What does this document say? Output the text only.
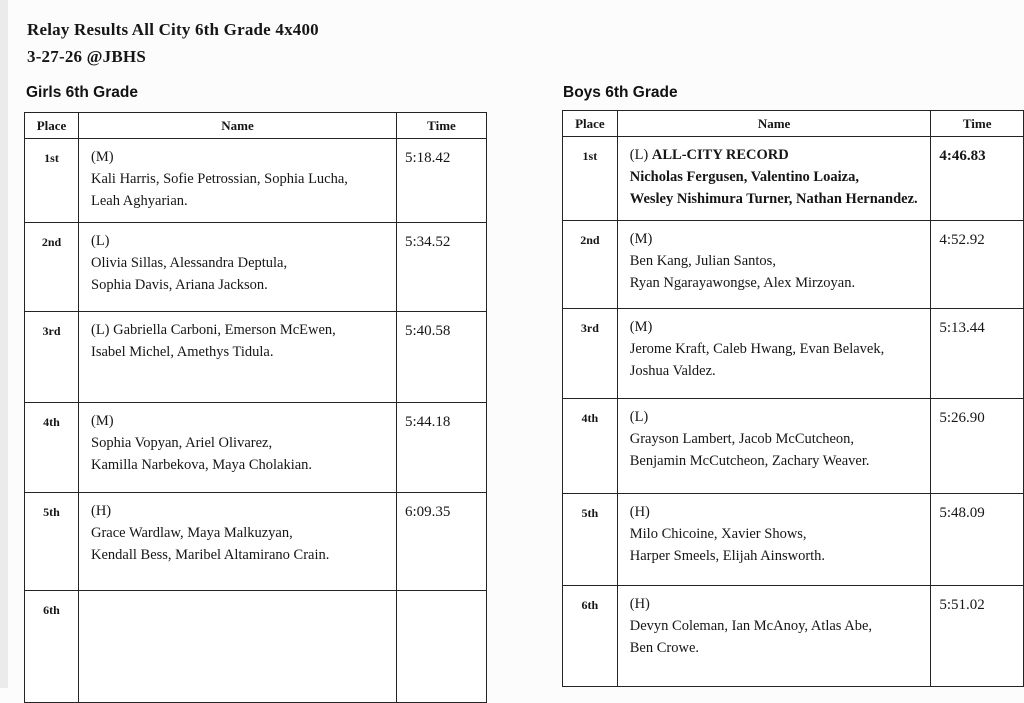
Relay Results All City 6th Grade 4x400
3-27-26 @JBHS
Girls 6th Grade
Place	Name	Time
1st	(M)
Kali Harris, Sofie Petrossian, Sophia Lucha,
Leah Aghyarian.	5:18.42
2nd	(L)
Olivia Sillas, Alessandra Deptula,
Sophia Davis, Ariana Jackson.	5:34.52
3rd	(L) Gabriella Carboni, Emerson McEwen,
Isabel Michel, Amethys Tidula.	5:40.58
4th	(M)
Sophia Vopyan, Ariel Olivarez,
Kamilla Narbekova, Maya Cholakian.	5:44.18
5th	(H)
Grace Wardlaw, Maya Malkuzyan,
Kendall Bess, Maribel Altamirano Crain.	6:09.35
6th		
Boys 6th Grade
Place	Name	Time
1st	(L) ALL-CITY RECORD
Nicholas Fergusen, Valentino Loaiza,
Wesley Nishimura Turner, Nathan Hernandez.	4:46.83
2nd	(M)
Ben Kang, Julian Santos,
Ryan Ngarayawongse, Alex Mirzoyan.	4:52.92
3rd	(M)
Jerome Kraft, Caleb Hwang, Evan Belavek,
Joshua Valdez.	5:13.44
4th	(L)
Grayson Lambert, Jacob McCutcheon,
Benjamin McCutcheon, Zachary Weaver.	5:26.90
5th	(H)
Milo Chicoine, Xavier Shows,
Harper Smeels, Elijah Ainsworth.	5:48.09
6th	(H)
Devyn Coleman, Ian McAnoy, Atlas Abe,
Ben Crowe.	5:51.02
